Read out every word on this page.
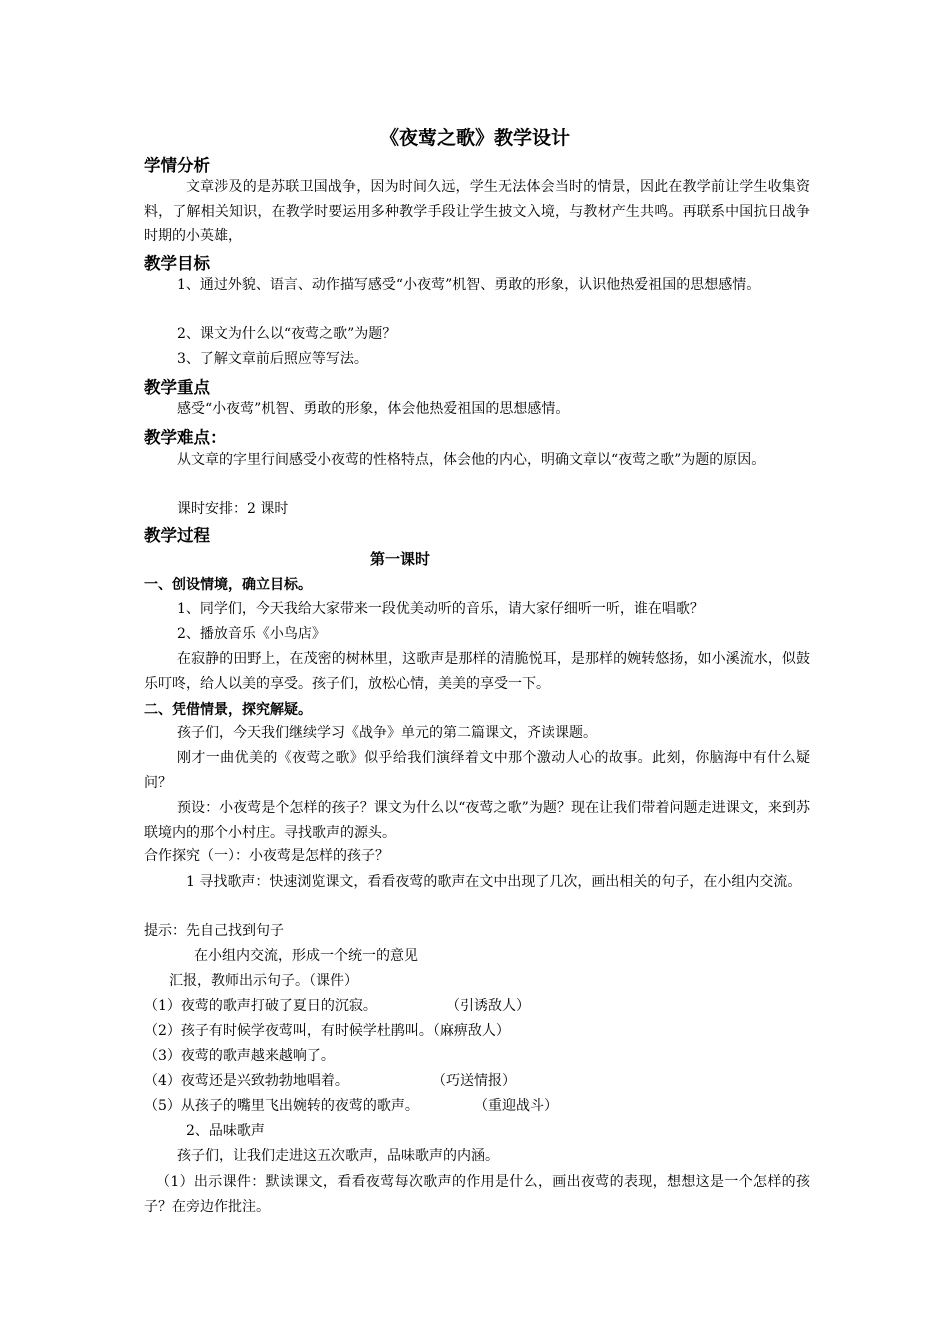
《夜莺之歌》教学设计
学情分析
文章涉及的是苏联卫国战争，因为时间久远，学生无法体会当时的情景，因此在教学前让学生收集资料，了解相关知识，在教学时要运用多种教学手段让学生披文入境，与教材产生共鸣。再联系中国抗日战争时期的小英雄，
教学目标
1、通过外貌、语言、动作描写感受“小夜莺”机智、勇敢的形象，认识他热爱祖国的思想感情。
2、课文为什么以“夜莺之歌”为题？
3、了解文章前后照应等写法。
教学重点
感受“小夜莺”机智、勇敢的形象，体会他热爱祖国的思想感情。
教学难点：
从文章的字里行间感受小夜莺的性格特点，体会他的内心，明确文章以“夜莺之歌”为题的原因。
课时安排：2 课时
教学过程
第一课时
一、创设情境，确立目标。
1、同学们，今天我给大家带来一段优美动听的音乐，请大家仔细听一听，谁在唱歌？
2、播放音乐《小鸟店》
在寂静的田野上，在茂密的树林里，这歌声是那样的清脆悦耳，是那样的婉转悠扬，如小溪流水，似鼓乐叮咚，给人以美的享受。孩子们，放松心情，美美的享受一下。
二、凭借情景，探究解疑。
孩子们，今天我们继续学习《战争》单元的第二篇课文，齐读课题。
刚才一曲优美的《夜莺之歌》似乎给我们演绎着文中那个激动人心的故事。此刻，你脑海中有什么疑问？
预设：小夜莺是个怎样的孩子？课文为什么以“夜莺之歌”为题？现在让我们带着问题走进课文，来到苏联境内的那个小村庄。寻找歌声的源头。
合作探究（一）：小夜莺是怎样的孩子？
1 寻找歌声：快速浏览课文，看看夜莺的歌声在文中出现了几次，画出相关的句子，在小组内交流。
提示：先自己找到句子
在小组内交流，形成一个统一的意见
汇报，教师出示句子。（课件）
（1）夜莺的歌声打破了夏日的沉寂。	（引诱敌人）
（2）孩子有时候学夜莺叫，有时候学杜鹃叫。（麻痹敌人）
（3）夜莺的歌声越来越响了。
（4）夜莺还是兴致勃勃地唱着。	（巧送情报）
（5）从孩子的嘴里飞出婉转的夜莺的歌声。	（重迎战斗）
2、品味歌声
孩子们，让我们走进这五次歌声，品味歌声的内涵。
（1）出示课件：默读课文，看看夜莺每次歌声的作用是什么，画出夜莺的表现，想想这是一个怎样的孩子？在旁边作批注。
